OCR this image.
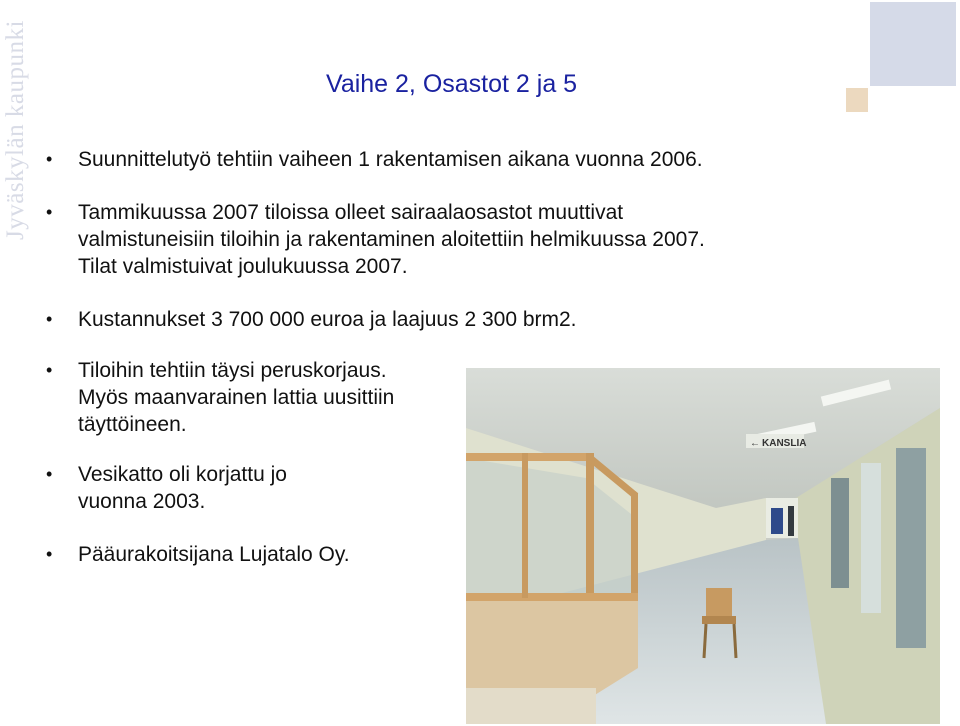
Jyväskylän kaupunki	Vaihe 2, Osastot 2 ja 5
• Suunnittelutyö tehtiin vaiheen 1 rakentamisen aikana vuonna 2006.
• Tammikuussa 2007 tiloissa olleet sairaalaosastot muuttivat
valmistuneisiin tiloihin ja rakentaminen aloitettiin helmikuussa 2007.
Tilat valmistuivat joulukuussa 2007.
• Kustannukset 3 700 000 euroa ja laajuus 2 300 brm2.
• Tiloihin tehtiin täysi peruskorjaus.
Myös maanvarainen lattia uusittiin
täyttöineen.
• Vesikatto oli korjattu jo
vuonna 2003.
• Pääurakoitsijana Lujatalo Oy.
← KANSLIA
